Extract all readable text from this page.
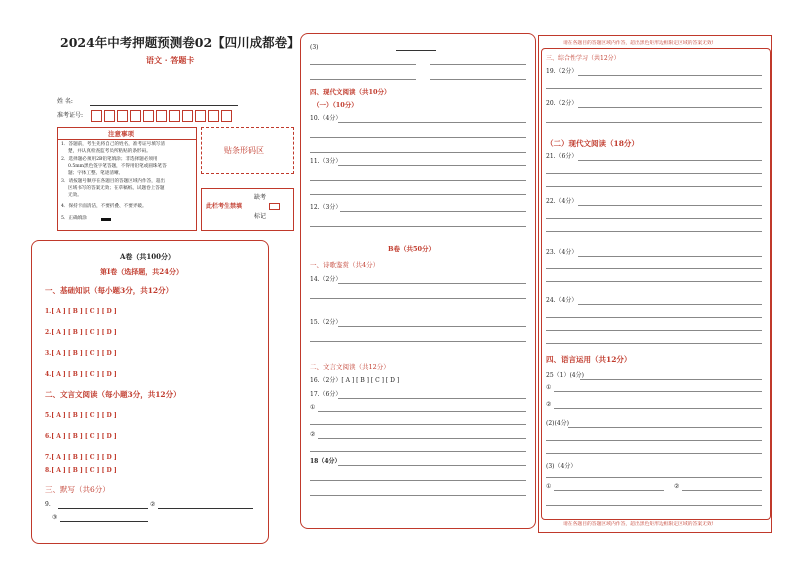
2024年中考押题预测卷02【四川成都卷】
语文 · 答题卡
姓 名:
准考证号:
注意事项
1．答题前，考生先将自己的姓名，准考证号填写清
楚，并认真检查监考员所粘贴的条形码。
2．选择题必须用2B铅笔填涂；非选择题必须用
0.5mm黑色签字笔答题，不得用铅笔或圆珠笔答
题；字体工整、笔迹清晰。
3．请按题号顺序在各题目的答题区域内作答，超出
区域书写的答案无效；在草稿纸、试题卷上答题
无效。
4．保持卡面清洁，不要折叠、不要弄破。
5．正确填涂
贴条形码区
此栏考生禁填
缺考
标记
A卷（共100分）
第Ⅰ卷（选择题，共24分）
一、基础知识（每小题3分，共12分）
1.[ A ] [ B ] [ C ] [ D ]
2.[ A ] [ B ] [ C ] [ D ]
3.[ A ] [ B ] [ C ] [ D ]
4.[ A ] [ B ] [ C ] [ D ]
二、文言文阅读（每小题3分，共12分）
5.[ A ] [ B ] [ C ] [ D ]
6.[ A ] [ B ] [ C ] [ D ]
7.[ A ] [ B ] [ C ] [ D ]
8.[ A ] [ B ] [ C ] [ D ]
三、默写（共6分）
9.	②
③
(3)
四、现代文阅读（共10分）
（一）（10分）
10.（4分）
11.（3分）
12.（3分）
B卷（共50分）
一、诗歌鉴赏（共4分）
14.（2分）
15.（2分）
二、文言文阅读（共12分）
16.（2分）[ A ] [ B ] [ C ] [ D ]
17.（6分）
①
②
18（4分）
请在各题目的答题区域内作答，超出黑色矩形边框限定区域的答案无效!
三、综合性学习（共12分）
19.（2分）
20.（2分）
（二）现代文阅读（18分）
21.（6分）
22.（4分）
23.（4分）
24.（4分）
四、语言运用（共12分）
25（1）(4分)
①
②
(2)(4分)
(3)（4分）
①	②
请在各题目的答题区域内作答，超出黑色矩形边框限定区域的答案无效!
